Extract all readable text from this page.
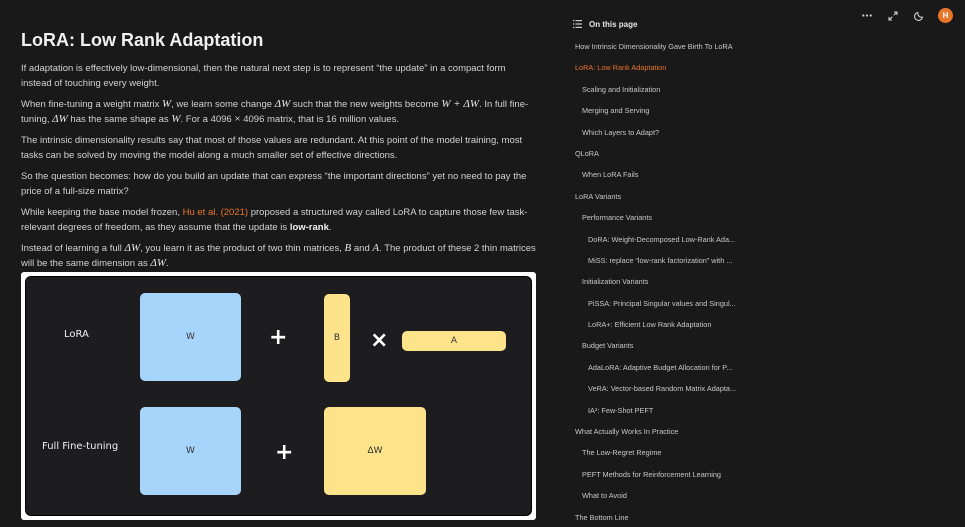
LoRA: Low Rank Adaptation

If adaptation is effectively low-dimensional, then the natural next step is to represent “the update” in a compact form instead of touching every weight.

When fine-tuning a weight matrix W, we learn some change ΔW such that the new weights become W + ΔW. In full fine-tuning, ΔW has the same shape as W. For a 4096 × 4096 matrix, that is 16 million values.

The intrinsic dimensionality results say that most of those values are redundant. At this point of the model training, most tasks can be solved by moving the model along a much smaller set of effective directions.

So the question becomes: how do you build an update that can express “the important directions” yet no need to pay the price of a full-size matrix?

While keeping the base model frozen, Hu et al. (2021) proposed a structured way called LoRA to capture those few task-relevant degrees of freedom, as they assume that the update is low-rank.

Instead of learning a full ΔW, you learn it as the product of two thin matrices, B and A. The product of these 2 thin matrices will be the same dimension as ΔW.

LoRA	W	+	B	×	A
Full Fine-tuning	W	+	ΔW
On this page
How Intrinsic Dimensionality Gave Birth To LoRA
LoRA: Low Rank Adaptation
Scaling and Initialization
Merging and Serving
Which Layers to Adapt?
QLoRA
When LoRA Fails
LoRA Variants
Performance Variants
DoRA: Weight-Decomposed Low-Rank Ada...
MiSS: replace “low-rank factorization” with ...
Initialization Variants
PiSSA: Principal Singular values and Singul...
LoRA+: Efficient Low Rank Adaptation
Budget Variants
AdaLoRA: Adaptive Budget Allocation for P...
VeRA: Vector-based Random Matrix Adapta...
IA³: Few-Shot PEFT
What Actually Works In Practice
The Low-Regret Regime
PEFT Methods for Reinforcement Learning
What to Avoid
The Bottom Line
H
